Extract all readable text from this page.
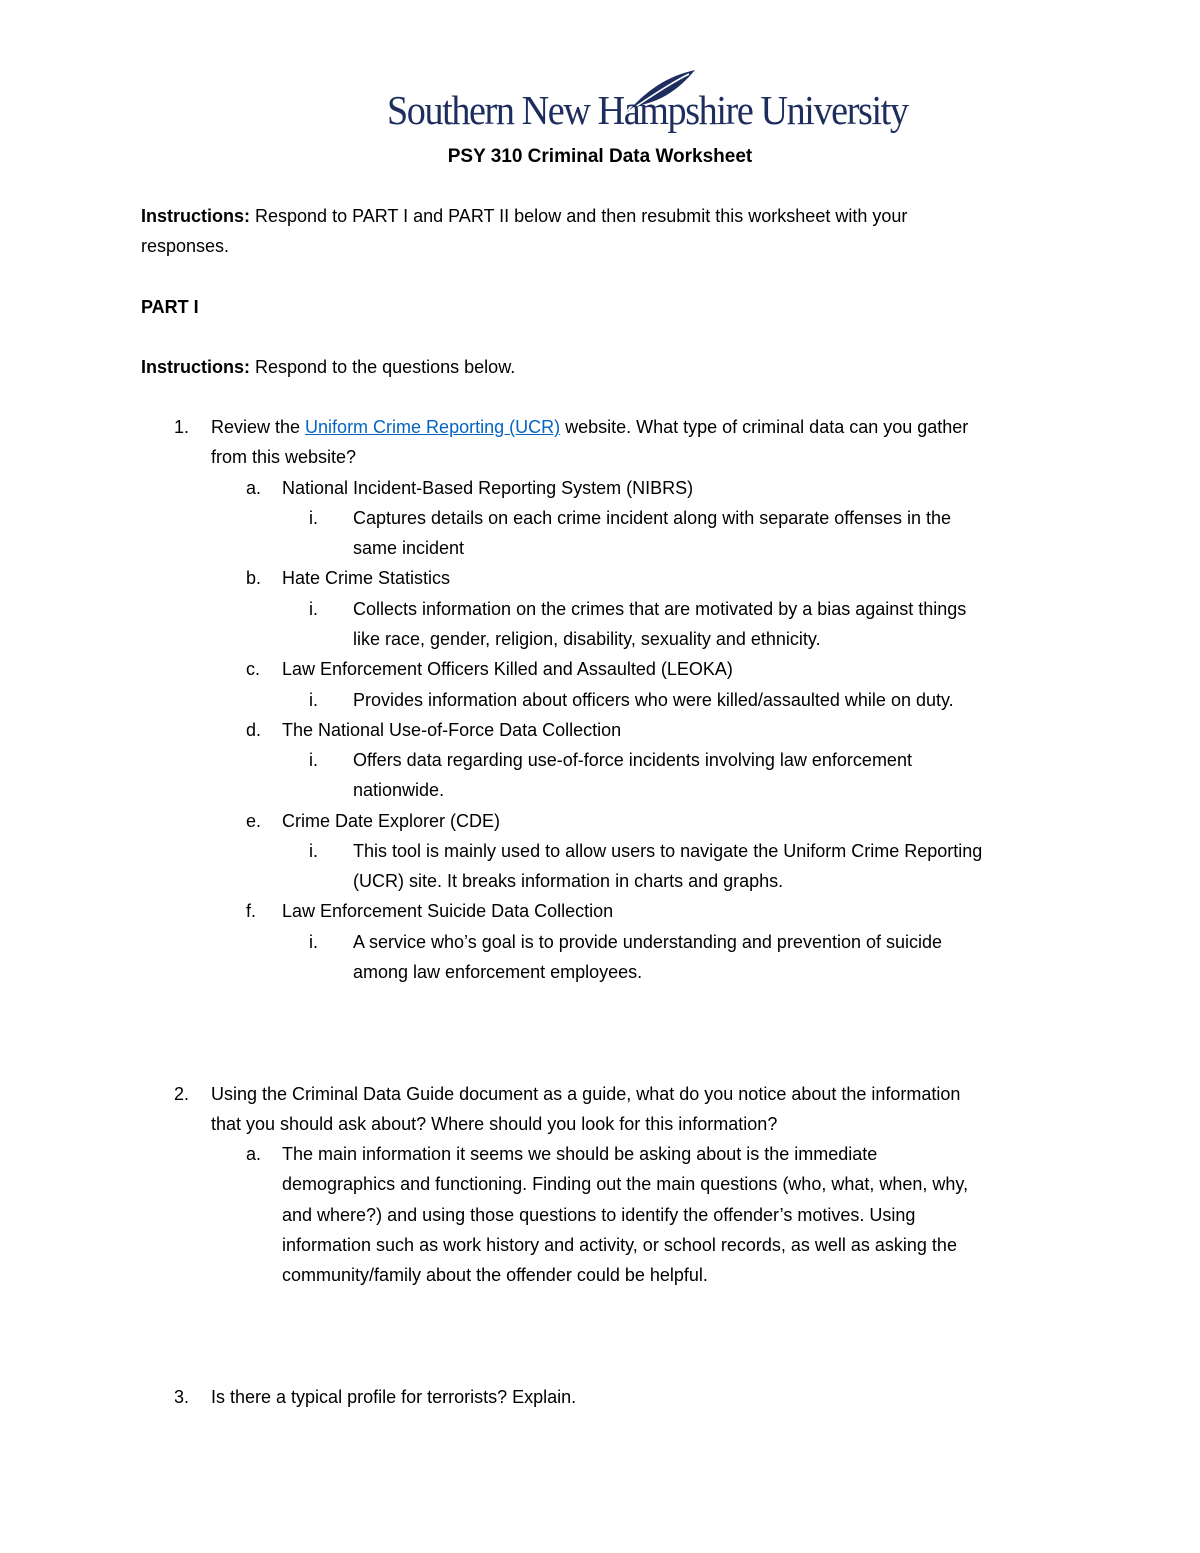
Southern New Hampshire University
PSY 310 Criminal Data Worksheet
Instructions: Respond to PART I and PART II below and then resubmit this worksheet with your
responses.
PART I
Instructions: Respond to the questions below.
1. Review the Uniform Crime Reporting (UCR) website. What type of criminal data can you gather
from this website?
a. National Incident-Based Reporting System (NIBRS)
i. Captures details on each crime incident along with separate offenses in the
same incident
b. Hate Crime Statistics
i. Collects information on the crimes that are motivated by a bias against things
like race, gender, religion, disability, sexuality and ethnicity.
c. Law Enforcement Officers Killed and Assaulted (LEOKA)
i. Provides information about officers who were killed/assaulted while on duty.
d. The National Use-of-Force Data Collection
i. Offers data regarding use-of-force incidents involving law enforcement
nationwide.
e. Crime Date Explorer (CDE)
i. This tool is mainly used to allow users to navigate the Uniform Crime Reporting
(UCR) site. It breaks information in charts and graphs.
f. Law Enforcement Suicide Data Collection
i. A service who’s goal is to provide understanding and prevention of suicide
among law enforcement employees.
2. Using the Criminal Data Guide document as a guide, what do you notice about the information
that you should ask about? Where should you look for this information?
a. The main information it seems we should be asking about is the immediate
demographics and functioning. Finding out the main questions (who, what, when, why,
and where?) and using those questions to identify the offender’s motives. Using
information such as work history and activity, or school records, as well as asking the
community/family about the offender could be helpful.
3. Is there a typical profile for terrorists? Explain.
